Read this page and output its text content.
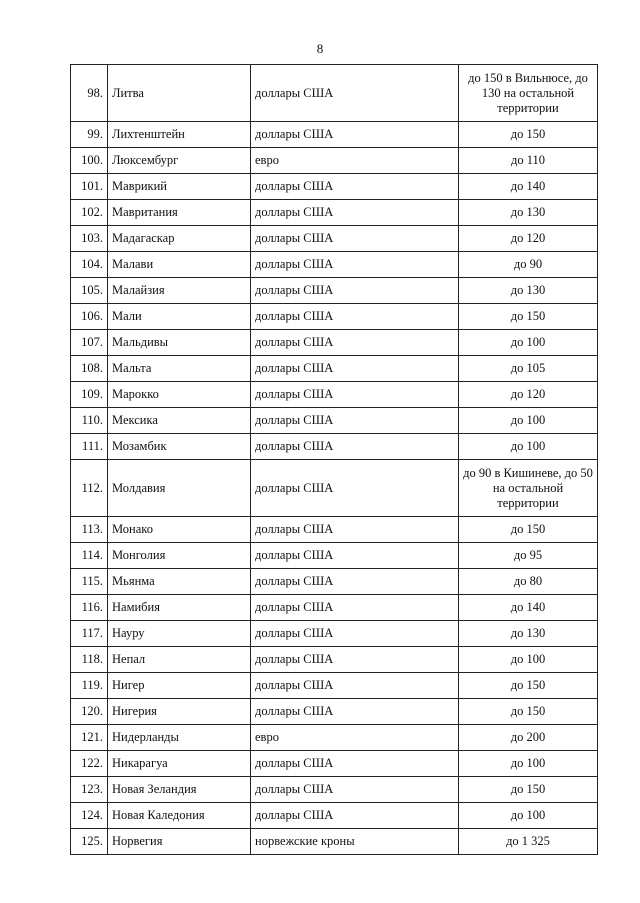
8
98.	Литва	доллары США	до 150 в Вильнюсе, до 130 на остальной территории
99.	Лихтенштейн	доллары США	до 150
100.	Люксембург	евро	до 110
101.	Маврикий	доллары США	до 140
102.	Мавритания	доллары США	до 130
103.	Мадагаскар	доллары США	до 120
104.	Малави	доллары США	до 90
105.	Малайзия	доллары США	до 130
106.	Мали	доллары США	до 150
107.	Мальдивы	доллары США	до 100
108.	Мальта	доллары США	до 105
109.	Марокко	доллары США	до 120
110.	Мексика	доллары США	до 100
111.	Мозамбик	доллары США	до 100
112.	Молдавия	доллары США	до 90 в Кишиневе, до 50 на остальной территории
113.	Монако	доллары США	до 150
114.	Монголия	доллары США	до 95
115.	Мьянма	доллары США	до 80
116.	Намибия	доллары США	до 140
117.	Науру	доллары США	до 130
118.	Непал	доллары США	до 100
119.	Нигер	доллары США	до 150
120.	Нигерия	доллары США	до 150
121.	Нидерланды	евро	до 200
122.	Никарагуа	доллары США	до 100
123.	Новая Зеландия	доллары США	до 150
124.	Новая Каледония	доллары США	до 100
125.	Норвегия	норвежские кроны	до 1 325
